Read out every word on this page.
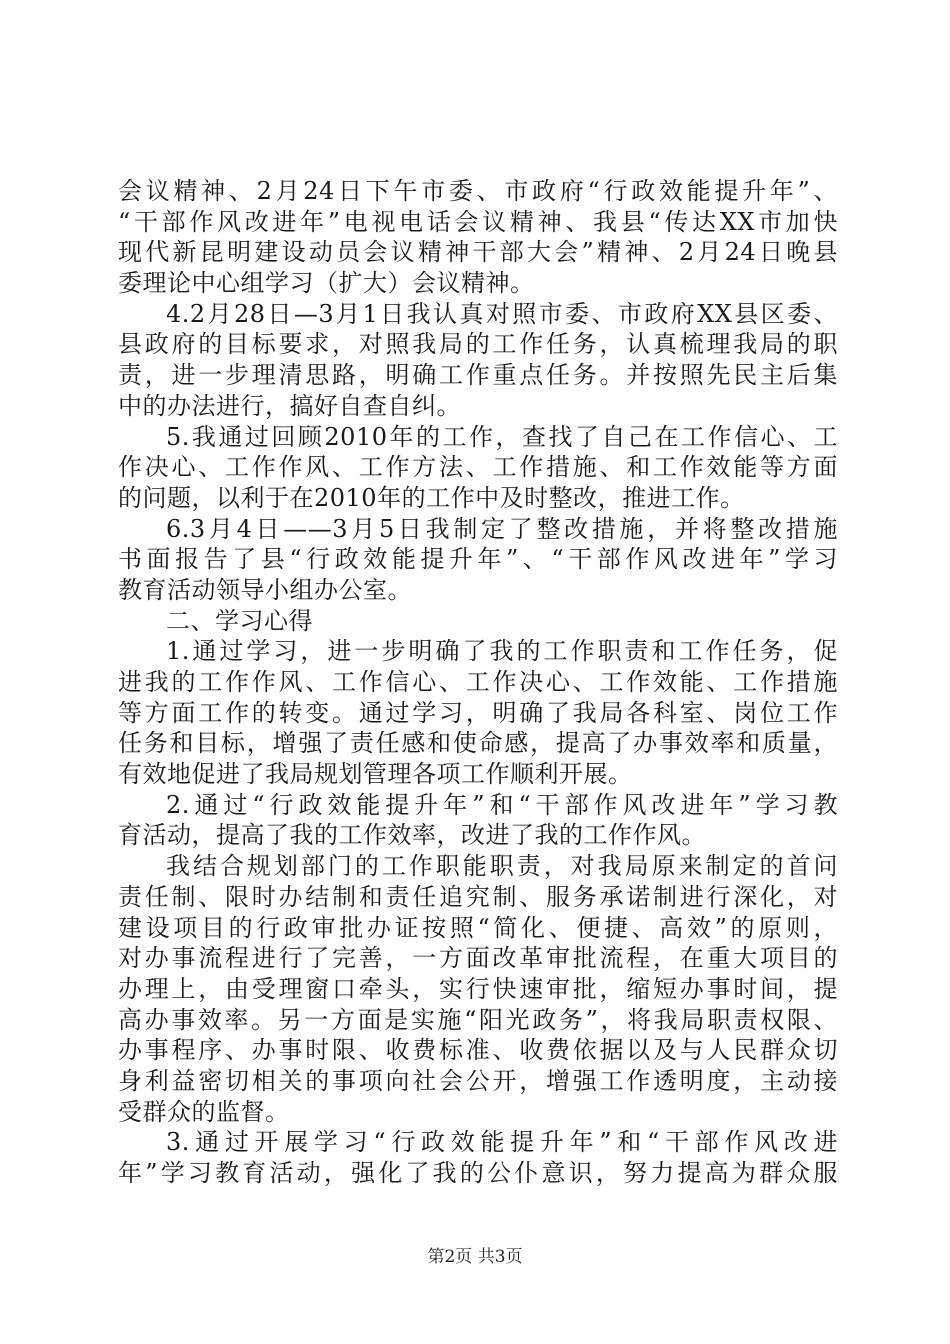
会议精神、2月24日下午市委、市政府“行政效能提升年”、
“干部作风改进年”电视电话会议精神、我县“传达XX市加快
现代新昆明建设动员会议精神干部大会”精神、2月24日晚县
委理论中心组学习（扩大）会议精神。
4.2月28日—3月1日我认真对照市委、市政府XX县区委、
县政府的目标要求，对照我局的工作任务，认真梳理我局的职
责，进一步理清思路，明确工作重点任务。并按照先民主后集
中的办法进行，搞好自查自纠。
5.我通过回顾2010年的工作，查找了自己在工作信心、工
作决心、工作作风、工作方法、工作措施、和工作效能等方面
的问题，以利于在2010年的工作中及时整改，推进工作。
6.3月4日——3月5日我制定了整改措施，并将整改措施
书面报告了县“行政效能提升年”、“干部作风改进年”学习
教育活动领导小组办公室。
二、学习心得
1.通过学习，进一步明确了我的工作职责和工作任务，促
进我的工作作风、工作信心、工作决心、工作效能、工作措施
等方面工作的转变。通过学习，明确了我局各科室、岗位工作
任务和目标，增强了责任感和使命感，提高了办事效率和质量，
有效地促进了我局规划管理各项工作顺利开展。
2.通过“行政效能提升年”和“干部作风改进年”学习教
育活动，提高了我的工作效率，改进了我的工作作风。
我结合规划部门的工作职能职责，对我局原来制定的首问
责任制、限时办结制和责任追究制、服务承诺制进行深化，对
建设项目的行政审批办证按照“简化、便捷、高效”的原则，
对办事流程进行了完善，一方面改革审批流程，在重大项目的
办理上，由受理窗口牵头，实行快速审批，缩短办事时间，提
高办事效率。另一方面是实施“阳光政务”，将我局职责权限、
办事程序、办事时限、收费标准、收费依据以及与人民群众切
身利益密切相关的事项向社会公开，增强工作透明度，主动接
受群众的监督。
3.通过开展学习“行政效能提升年”和“干部作风改进
年”学习教育活动，强化了我的公仆意识，努力提高为群众服
第2页 共3页
